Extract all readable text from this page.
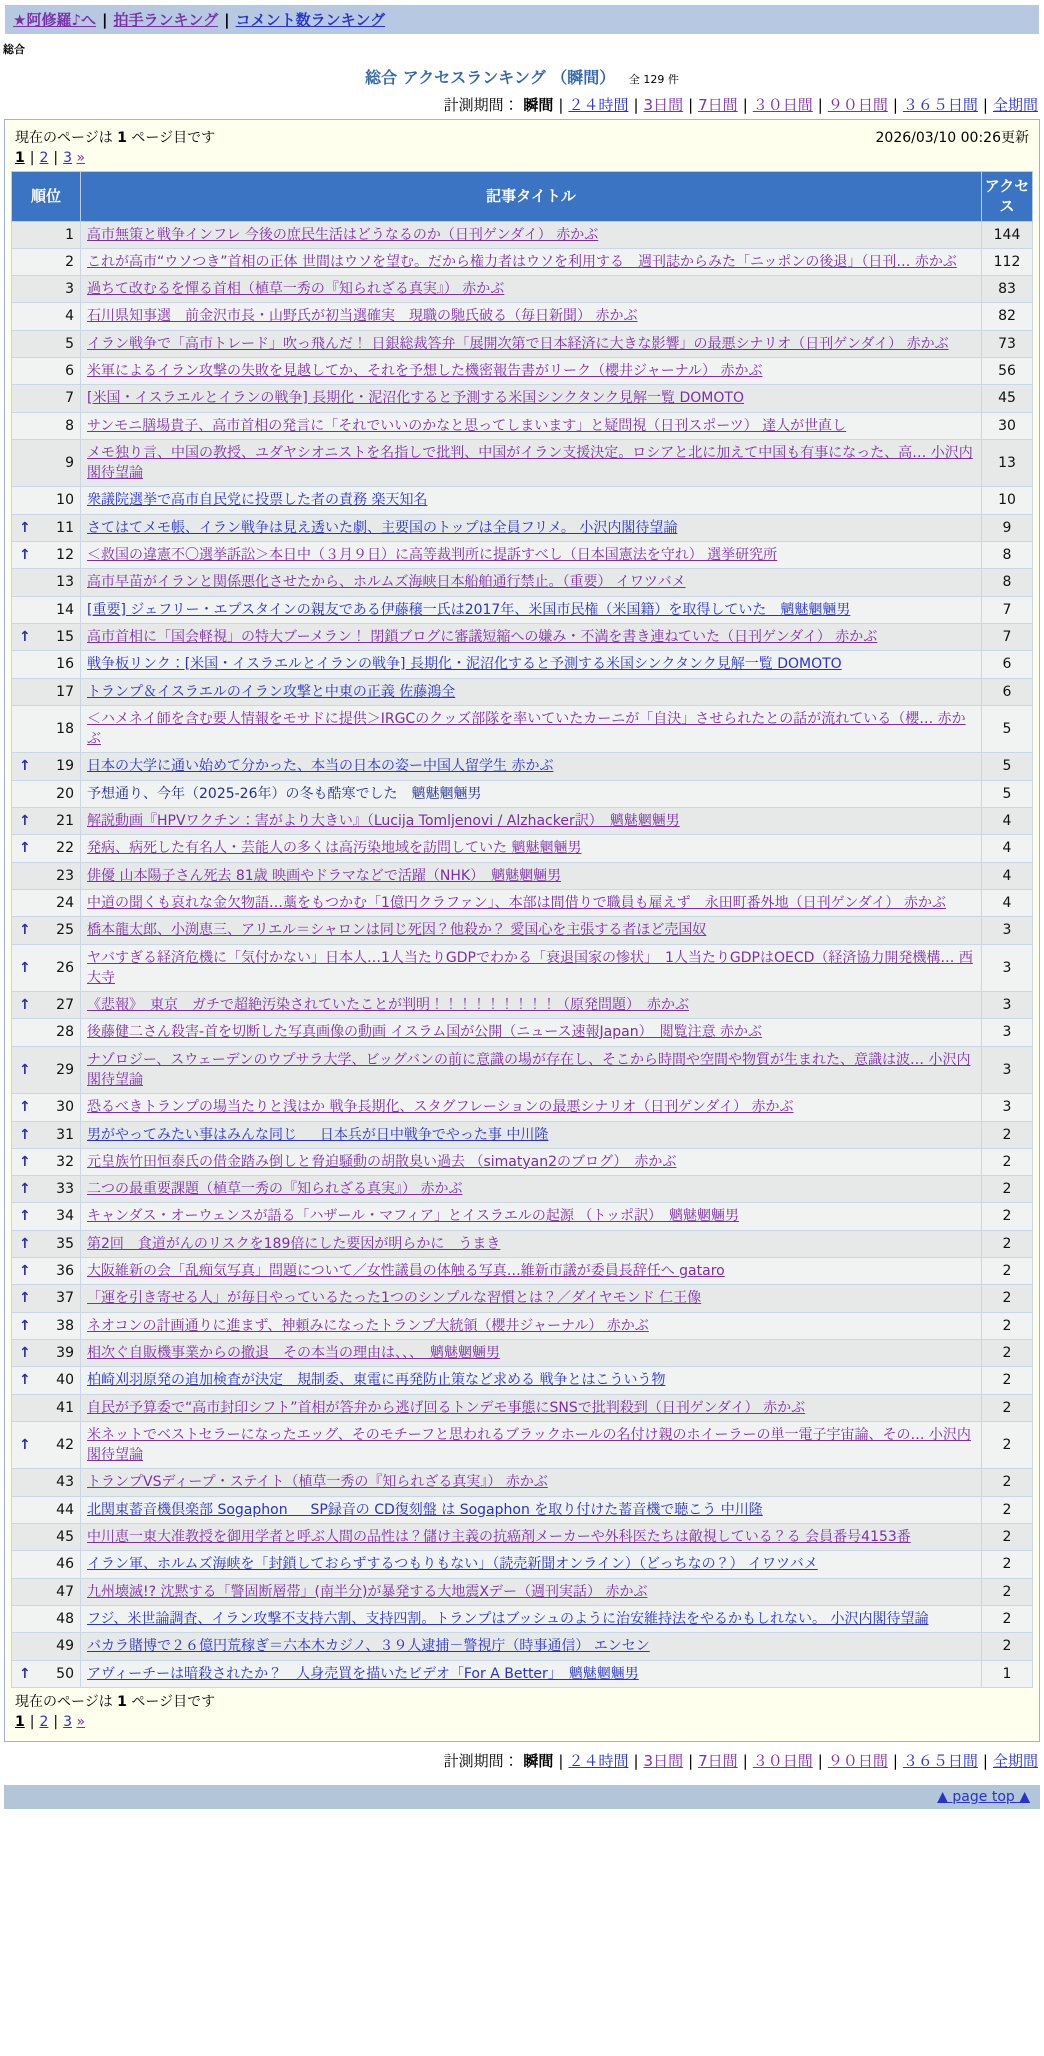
★阿修羅♪へ | 拍手ランキング | コメント数ランキング
総合
総合 アクセスランキング （瞬間） 全 129 件
計測期間： 瞬間 | ２４時間 | 3日間 | 7日間 | ３０日間 | ９０日間 | ３６５日間 | 全期間
現在のページは 1 ページ目です	2026/03/10 00:26更新
1 | 2 | 3 »
順位	記事タイトル	アクセス
1	高市無策と戦争インフレ 今後の庶民生活はどうなるのか（日刊ゲンダイ） 赤かぶ	144
2	これが高市“ウソつき”首相の正体 世間はウソを望む。だから権力者はウソを利用する　週刊誌からみた「ニッポンの後退」（日刊… 赤かぶ	112
3	過ちて改むるを憚る首相（植草一秀の『知られざる真実』） 赤かぶ	83
4	石川県知事選　前金沢市長・山野氏が初当選確実　現職の馳氏破る（毎日新聞） 赤かぶ	82
5	イラン戦争で「高市トレード」吹っ飛んだ！ 日銀総裁答弁「展開次第で日本経済に大きな影響」の最悪シナリオ（日刊ゲンダイ） 赤かぶ	73
6	米軍によるイラン攻撃の失敗を見越してか、それを予想した機密報告書がリーク（櫻井ジャーナル） 赤かぶ	56
7	[米国・イスラエルとイランの戦争] 長期化・泥沼化すると予測する米国シンクタンク見解一覧 DOMOTO	45
8	サンモニ膳場貴子、高市首相の発言に「それでいいのかなと思ってしまいます」と疑問視（日刊スポーツ） 達人が世直し	30
9	メモ独り言、中国の教授、ユダヤシオニストを名指しで批判、中国がイラン支援決定。ロシアと北に加えて中国も有事になった、高… 小沢内閣待望論	13
10	衆議院選挙で高市自民党に投票した者の責務 楽天知名	10

↑ 11	さてはてメモ帳、イラン戦争は見え透いた劇、主要国のトップは全員フリメ。 小沢内閣待望論	9

↑ 12	＜救国の違憲不〇選挙訴訟＞本日中（３月９日）に高等裁判所に提訴すべし（日本国憲法を守れ） 選挙研究所	8
13	高市早苗がイランと関係悪化させたから、ホルムズ海峡日本船舶通行禁止。（重要） イワツバメ	8
14	[重要] ジェフリー・エプスタインの親友である伊藤穣一氏は2017年、米国市民権（米国籍）を取得していた　魑魅魍魎男	7

↑ 15	高市首相に「国会軽視」の特大ブーメラン！ 閉鎖ブログに審議短縮への嫌み・不満を書き連ねていた（日刊ゲンダイ） 赤かぶ	7
16	戦争板リンク：[米国・イスラエルとイランの戦争] 長期化・泥沼化すると予測する米国シンクタンク見解一覧 DOMOTO	6
17	トランプ＆イスラエルのイラン攻撃と中東の正義 佐藤鴻全	6
18	＜ハメネイ師を含む要人情報をモサドに提供＞IRGCのクッズ部隊を率いていたカーニが「自決」させられたとの話が流れている（櫻… 赤かぶ	5

↑ 19	日本の大学に通い始めて分かった、本当の日本の姿ー中国人留学生 赤かぶ	5
20	予想通り、今年（2025-26年）の冬も酷寒でした　魑魅魍魎男	5

↑ 21	解説動画『HPVワクチン：害がより大きい』（Lucija Tomljenovi / Alzhacker訳）　魑魅魍魎男	4

↑ 22	発病、病死した有名人・芸能人の多くは高汚染地域を訪問していた 魑魅魍魎男	4
23	俳優 山本陽子さん死去 81歳 映画やドラマなどで活躍（NHK）　魑魅魍魎男	4
24	中道の聞くも哀れな金欠物語…藁をもつかむ「1億円クラファン」、本部は間借りで職員も雇えず　永田町番外地（日刊ゲンダイ） 赤かぶ	4

↑ 25	橋本龍太郎、小渕恵三、アリエル＝シャロンは同じ死因？他殺か？ 愛国心を主張する者ほど売国奴	3

↑ 26	ヤバすぎる経済危機に「気付かない」日本人…1人当たりGDPでわかる「衰退国家の惨状」　1人当たりGDPはOECD（経済協力開発機構… 西大寺	3

↑ 27	《悲報》　東京　ガチで超絶汚染されていたことが判明！！！！！！！！！（原発問題）　赤かぶ	3
28	後藤健二さん殺害-首を切断した写真画像の動画 イスラム国が公開（ニュース速報Japan）　閲覧注意 赤かぶ	3

↑ 29	ナゾロジー、スウェーデンのウプサラ大学、ビッグバンの前に意識の場が存在し、そこから時間や空間や物質が生まれた、意識は波… 小沢内閣待望論	3

↑ 30	恐るべきトランプの場当たりと浅はか 戦争長期化、スタグフレーションの最悪シナリオ（日刊ゲンダイ） 赤かぶ	3

↑ 31	男がやってみたい事はみんな同じ ＿ 日本兵が日中戦争でやった事 中川隆	2

↑ 32	元皇族竹田恒泰氏の借金踏み倒しと脅迫騒動の胡散臭い過去 （simatyan2のブログ）　赤かぶ	2

↑ 33	二つの最重要課題（植草一秀の『知られざる真実』） 赤かぶ	2

↑ 34	キャンダス・オーウェンスが語る「ハザール・マフィア」とイスラエルの起源 （トッポ訳）　魑魅魍魎男	2

↑ 35	第2回　食道がんのリスクを189倍にした要因が明らかに　うまき	2

↑ 36	大阪維新の会「乱痴気写真」問題について／女性議員の体触る写真…維新市議が委員長辞任へ gataro	2

↑ 37	「運を引き寄せる人」が毎日やっているたった1つのシンプルな習慣とは？／ダイヤモンド 仁王像	2

↑ 38	ネオコンの計画通りに進まず、神頼みになったトランプ大統領（櫻井ジャーナル） 赤かぶ	2

↑ 39	相次ぐ自販機事業からの撤退　その本当の理由は、、、　魑魅魍魎男	2

↑ 40	柏崎刈羽原発の追加検査が決定　規制委、東電に再発防止策など求める 戦争とはこういう物	2
41	自民が予算委で“高市封印シフト”首相が答弁から逃げ回るトンデモ事態にSNSで批判殺到（日刊ゲンダイ） 赤かぶ	2

↑ 42	米ネットでベストセラーになったエッグ、そのモチーフと思われるブラックホールの名付け親のホイーラーの単一電子宇宙論、その… 小沢内閣待望論	2
43	トランプVSディープ・ステイト（植草一秀の『知られざる真実』） 赤かぶ	2
44	北関東蓄音機倶楽部 Sogaphon ＿ SP録音の CD復刻盤 は Sogaphon を取り付けた蓄音機で聴こう 中川隆	2
45	中川恵一東大准教授を御用学者と呼ぶ人間の品性は？儲け主義の抗癌剤メーカーや外科医たちは敵視している？る 会員番号4153番	2
46	イラン軍、ホルムズ海峡を「封鎖しておらずするつもりもない」（読売新聞オンライン）（どっちなの？） イワツバメ	2
47	九州壊滅!? 沈黙する「警固断層帯」(南半分)が暴発する大地震Xデー（週刊実話） 赤かぶ	2
48	フジ、米世論調査、イラン攻撃不支持六割、支持四割。トランプはブッシュのように治安維持法をやるかもしれない。 小沢内閣待望論	2
49	バカラ賭博で２６億円荒稼ぎ＝六本木カジノ、３９人逮捕－警視庁（時事通信） エンセン	2

↑ 50	アヴィーチーは暗殺されたか？　人身売買を描いたビデオ「For A Better」　魑魅魍魎男	1
現在のページは 1 ページ目です
1 | 2 | 3 »
計測期間： 瞬間 | ２４時間 | 3日間 | 7日間 | ３０日間 | ９０日間 | ３６５日間 | 全期間
▲ page top ▲
